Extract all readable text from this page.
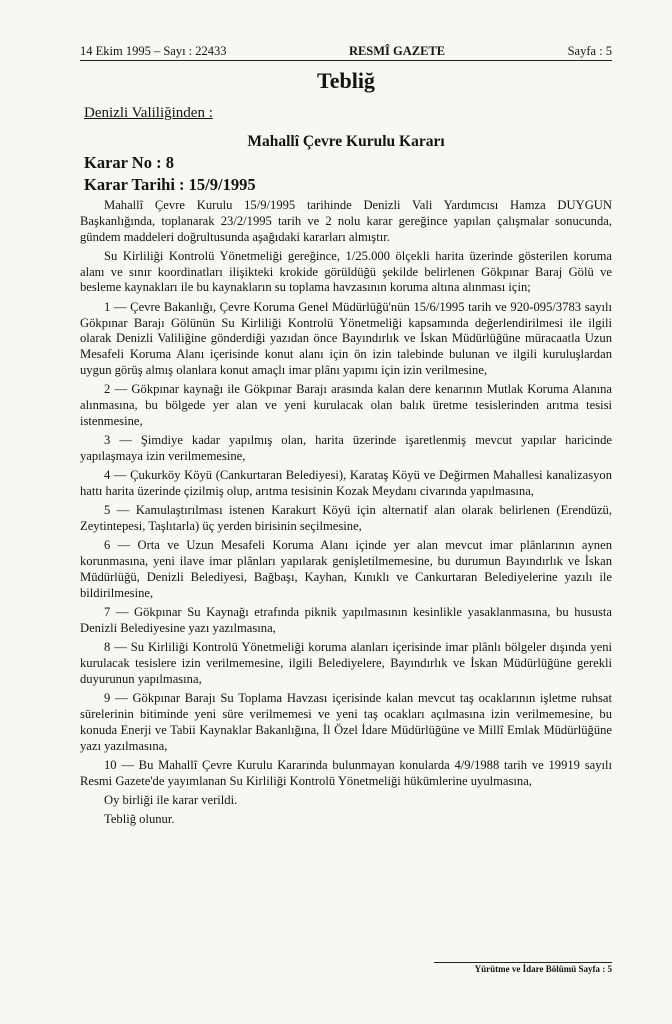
14 Ekim 1995 – Sayı : 22433	RESMÎ GAZETE	Sayfa : 5
Tebliğ
Denizli Valiliğinden :
Mahallî Çevre Kurulu Kararı
Karar No : 8
Karar Tarihi : 15/9/1995

Mahallî Çevre Kurulu 15/9/1995 tarihinde Denizli Vali Yardımcısı Hamza DUYGUN Başkanlığında, toplanarak 23/2/1995 tarih ve 2 nolu karar gereğince yapılan çalışmalar sonucunda, gündem maddeleri doğrultusunda aşağıdaki kararları almıştır.

Su Kirliliği Kontrolü Yönetmeliği gereğince, 1/25.000 ölçekli harita üzerinde gösterilen koruma alanı ve sınır koordinatları ilişikteki krokide görüldüğü şekilde belirlenen Gökpınar Baraj Gölü ve besleme kaynakları ile bu kaynakların su toplama havzasının koruma altına alınması için;

1 — Çevre Bakanlığı, Çevre Koruma Genel Müdürlüğü'nün 15/6/1995 tarih ve 920-095/3783 sayılı Gökpınar Barajı Gölünün Su Kirliliği Kontrolü Yönetmeliği kapsamında değerlendirilmesi ile ilgili olarak Denizli Valiliğine gönderdiği yazıdan önce Bayındırlık ve İskan Müdürlüğüne müracaatla Uzun Mesafeli Koruma Alanı içerisinde konut alanı için ön izin talebinde bulunan ve ilgili kuruluşlardan uygun görüş almış olanlara konut amaçlı imar plânı yapımı için izin verilmesine,

2 — Gökpınar kaynağı ile Gökpınar Barajı arasında kalan dere kenarının Mutlak Koruma Alanına alınmasına, bu bölgede yer alan ve yeni kurulacak olan balık üretme tesislerinden arıtma tesisi istenmesine,

3 — Şimdiye kadar yapılmış olan, harita üzerinde işaretlenmiş mevcut yapılar haricinde yapılaşmaya izin verilmemesine,

4 — Çukurköy Köyü (Cankurtaran Belediyesi), Karataş Köyü ve Değirmen Mahallesi kanalizasyon hattı harita üzerinde çizilmiş olup, arıtma tesisinin Kozak Meydanı civarında yapılmasına,

5 — Kamulaştırılması istenen Karakurt Köyü için alternatif alan olarak belirlenen (Erendüzü, Zeytintepesi, Taşlıtarla) üç yerden birisinin seçilmesine,

6 — Orta ve Uzun Mesafeli Koruma Alanı içinde yer alan mevcut imar plânlarının aynen korunmasına, yeni ilave imar plânları yapılarak genişletilmemesine, bu durumun Bayındırlık ve İskan Müdürlüğü, Denizli Belediyesi, Bağbaşı, Kayhan, Kınıklı ve Cankurtaran Belediyelerine yazılı ile bildirilmesine,

7 — Gökpınar Su Kaynağı etrafında piknik yapılmasının kesinlikle yasaklanmasına, bu hususta Denizli Belediyesine yazı yazılmasına,

8 — Su Kirliliği Kontrolü Yönetmeliği koruma alanları içerisinde imar plânlı bölgeler dışında yeni kurulacak tesislere izin verilmemesine, ilgili Belediyelere, Bayındırlık ve İskan Müdürlüğüne gerekli duyurunun yapılmasına,

9 — Gökpınar Barajı Su Toplama Havzası içerisinde kalan mevcut taş ocaklarının işletme ruhsat sürelerinin bitiminde yeni süre verilmemesi ve yeni taş ocakları açılmasına izin verilmemesine, bu konuda Enerji ve Tabii Kaynaklar Bakanlığına, İl Özel İdare Müdürlüğüne ve Millî Emlak Müdürlüğüne yazı yazılmasına,

10 — Bu Mahallî Çevre Kurulu Kararında bulunmayan konularda 4/9/1988 tarih ve 19919 sayılı Resmi Gazete'de yayımlanan Su Kirliliği Kontrolü Yönetmeliği hükümlerine uyulmasına,

Oy birliği ile karar verildi.

Tebliğ olunur.

Yürütme ve İdare Bölümü Sayfa : 5
